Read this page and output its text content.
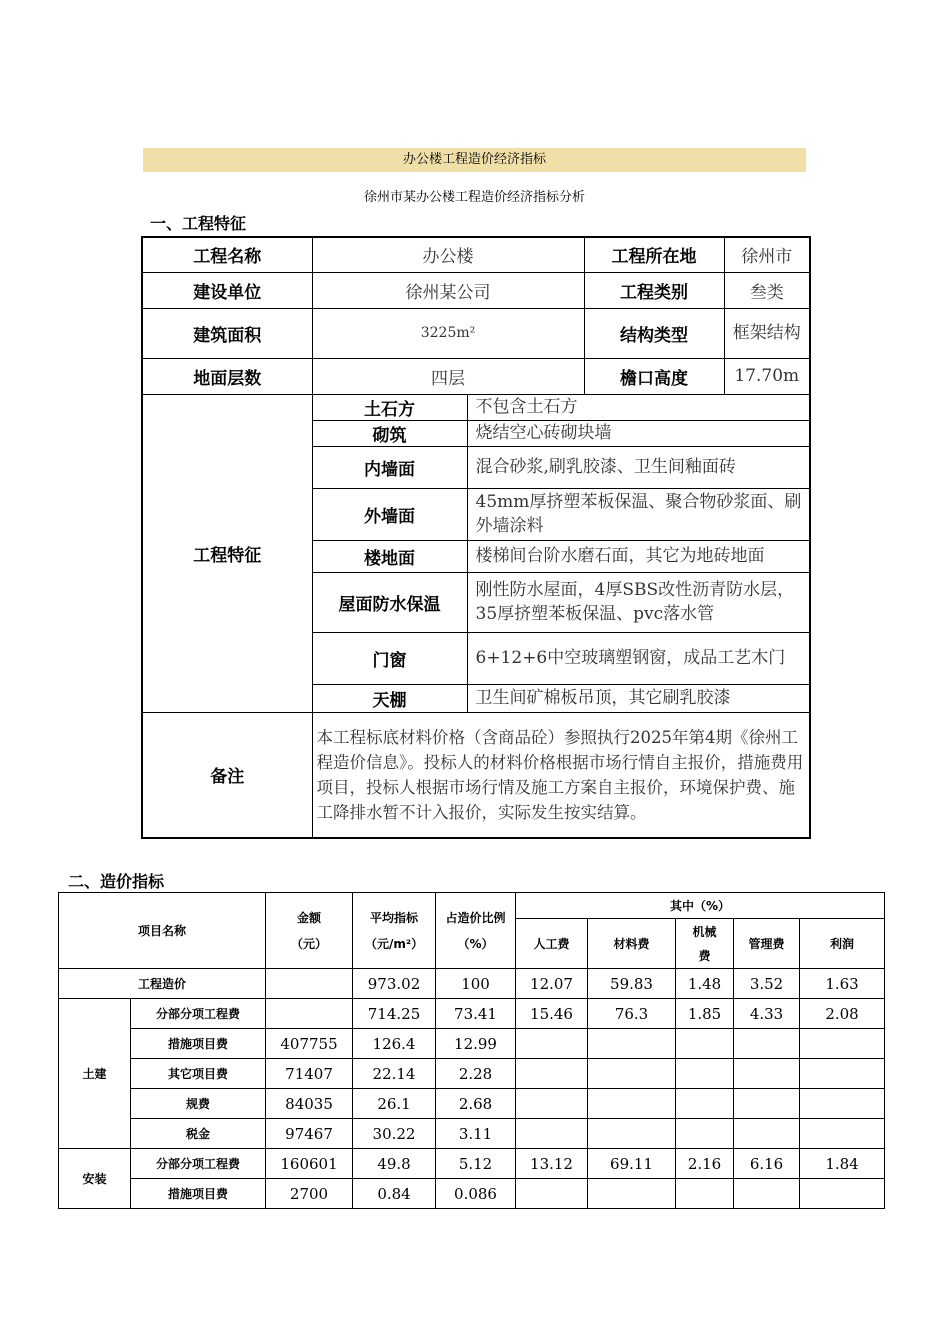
办公楼工程造价经济指标
徐州市某办公楼工程造价经济指标分析
一、工程特征
工程名称	办公楼		工程所在地	徐州市
建设单位	徐州某公司		工程类别	叁类
建筑面积	3225m²		结构类型	框架结构
地面层数	四层		檐口高度	17.70m
工程特征	土石方	不包含土石方		
	砌筑	烧结空心砖砌块墙		
	内墙面	混合砂浆,刷乳胶漆、卫生间釉面砖		
	外墙面	45mm厚挤塑苯板保温、聚合物砂浆面、刷外墙涂料		
	楼地面	楼梯间台阶水磨石面，其它为地砖地面		
	屋面防水保温	刚性防水屋面，4厚SBS改性沥青防水层，35厚挤塑苯板保温、pvc落水管		
	门窗	6+12+6中空玻璃塑钢窗，成品工艺木门		
	天棚	卫生间矿棉板吊顶，其它刷乳胶漆		
备注	本工程标底材料价格（含商品砼）参照执行2025年第4期《徐州工程造价信息》。投标人的材料价格根据市场行情自主报价，措施费用项目，投标人根据市场行情及施工方案自主报价，环境保护费、施工降排水暂不计入报价，实际发生按实结算。			
二、造价指标
项目名称		金额（元）	平均指标（元/m²）	占造价比例（%）	其中（%）				
					人工费	材料费	机械费	管理费	利润
工程造价			973.02	100	12.07	59.83	1.48	3.52	1.63
土建	分部分项工程费		714.25	73.41	15.46	76.3	1.85	4.33	2.08
	措施项目费	407755	126.4	12.99					
	其它项目费	71407	22.14	2.28					
	规费	84035	26.1	2.68					
	税金	97467	30.22	3.11					
安装	分部分项工程费	160601	49.8	5.12	13.12	69.11	2.16	6.16	1.84
	措施项目费	2700	0.84	0.086					
